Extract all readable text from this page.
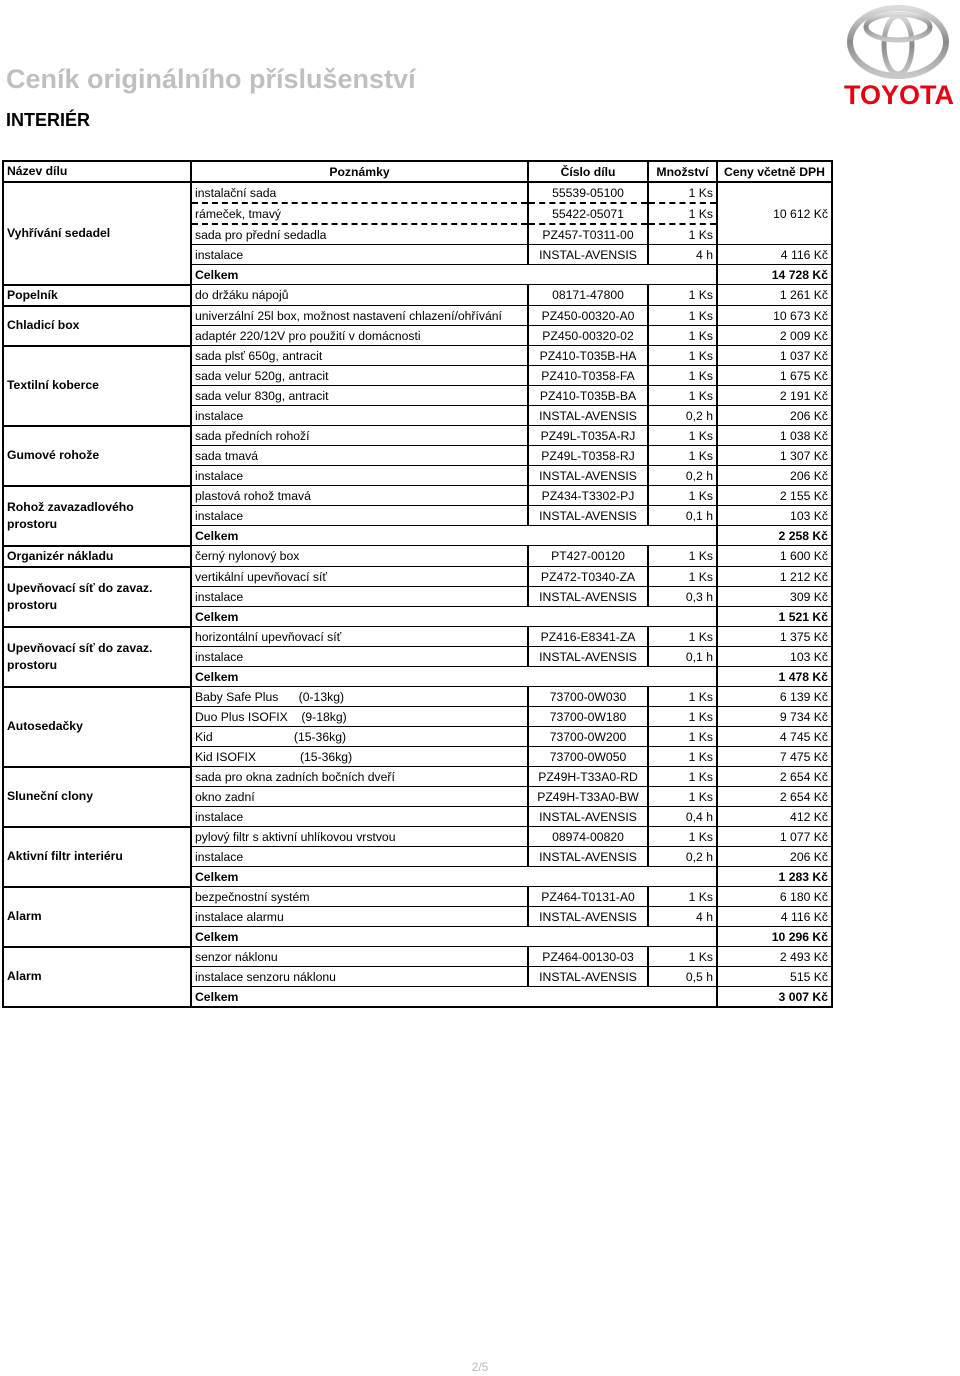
Ceník originálního příslušenství
INTERIÉR
TOYOTA
Název dílu	Poznámky	Číslo dílu	Množství	Ceny včetně DPH
Vyhřívání sedadel	instalační sada	55539-05100	1 Ks	10 612 Kč
	rámeček, tmavý	55422-05071	1 Ks	
	sada pro přední sedadla	PZ457-T0311-00	1 Ks	
	instalace	INSTAL-AVENSIS	4 h	4 116 Kč
	Celkem			14 728 Kč
Popelník	do držáku nápojů	08171-47800	1 Ks	1 261 Kč
Chladicí box	univerzální 25l box, možnost nastavení chlazení/ohřívání	PZ450-00320-A0	1 Ks	10 673 Kč
	adaptér 220/12V pro použití v domácnosti	PZ450-00320-02	1 Ks	2 009 Kč
Textilní koberce	sada plsť 650g, antracit	PZ410-T035B-HA	1 Ks	1 037 Kč
	sada velur 520g, antracit	PZ410-T0358-FA	1 Ks	1 675 Kč
	sada velur 830g, antracit	PZ410-T035B-BA	1 Ks	2 191 Kč
	instalace	INSTAL-AVENSIS	0,2 h	206 Kč
Gumové rohože	sada předních rohoží	PZ49L-T035A-RJ	1 Ks	1 038 Kč
	sada tmavá	PZ49L-T0358-RJ	1 Ks	1 307 Kč
	instalace	INSTAL-AVENSIS	0,2 h	206 Kč
Rohož zavazadlového prostoru	plastová rohož tmavá	PZ434-T3302-PJ	1 Ks	2 155 Kč
	instalace	INSTAL-AVENSIS	0,1 h	103 Kč
	Celkem			2 258 Kč
Organizér nákladu	černý nylonový box	PT427-00120	1 Ks	1 600 Kč
Upevňovací síť do zavaz. prostoru	vertikální upevňovací síť	PZ472-T0340-ZA	1 Ks	1 212 Kč
	instalace	INSTAL-AVENSIS	0,3 h	309 Kč
	Celkem			1 521 Kč
Upevňovací síť do zavaz. prostoru	horizontální upevňovací síť	PZ416-E8341-ZA	1 Ks	1 375 Kč
	instalace	INSTAL-AVENSIS	0,1 h	103 Kč
	Celkem			1 478 Kč
Autosedačky	Baby Safe Plus      (0-13kg)	73700-0W030	1 Ks	6 139 Kč
	Duo Plus ISOFIX    (9-18kg)	73700-0W180	1 Ks	9 734 Kč
	Kid                        (15-36kg)	73700-0W200	1 Ks	4 745 Kč
	Kid ISOFIX             (15-36kg)	73700-0W050	1 Ks	7 475 Kč
Sluneční clony	sada pro okna zadních bočních dveří	PZ49H-T33A0-RD	1 Ks	2 654 Kč
	okno zadní	PZ49H-T33A0-BW	1 Ks	2 654 Kč
	instalace	INSTAL-AVENSIS	0,4 h	412 Kč
Aktivní filtr interiéru	pylový filtr s aktivní uhlíkovou vrstvou	08974-00820	1 Ks	1 077 Kč
	instalace	INSTAL-AVENSIS	0,2 h	206 Kč
	Celkem			1 283 Kč
Alarm	bezpečnostní systém	PZ464-T0131-A0	1 Ks	6 180 Kč
	instalace alarmu	INSTAL-AVENSIS	4 h	4 116 Kč
	Celkem			10 296 Kč
Alarm	senzor náklonu	PZ464-00130-03	1 Ks	2 493 Kč
	instalace senzoru náklonu	INSTAL-AVENSIS	0,5 h	515 Kč
	Celkem			3 007 Kč
2/5
